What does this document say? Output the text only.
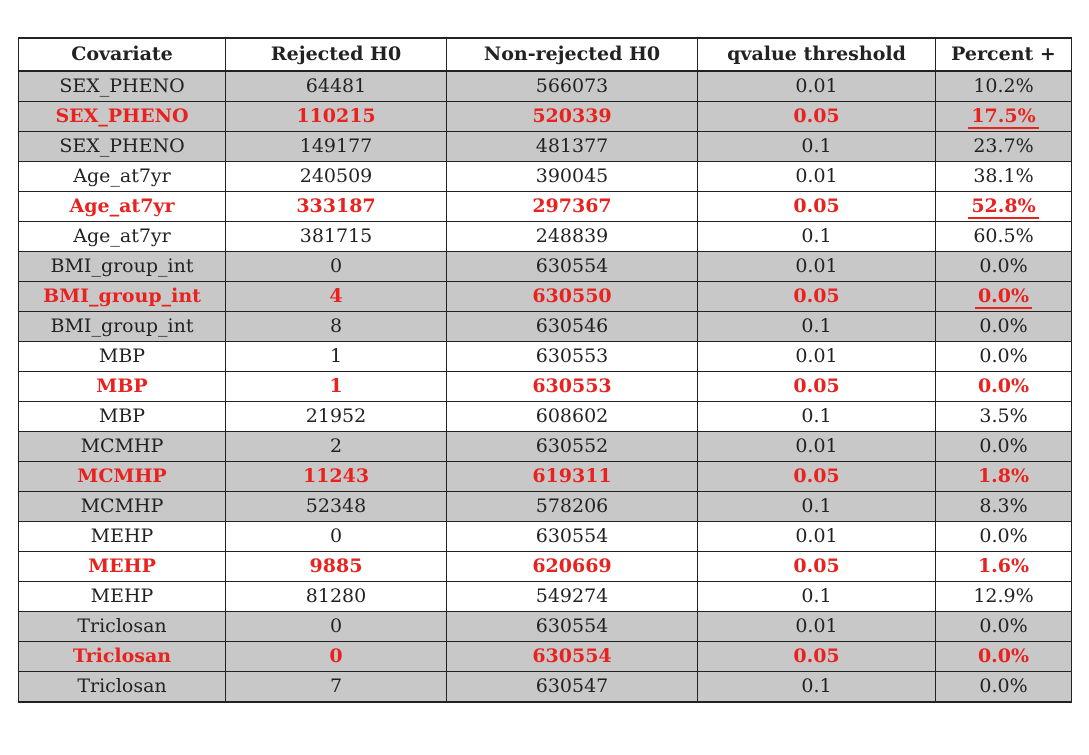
Covariate	Rejected H0	Non-rejected H0	qvalue threshold	Percent +
SEX_PHENO	64481	566073	0.01	10.2%
SEX_PHENO	110215	520339	0.05	17.5%
SEX_PHENO	149177	481377	0.1	23.7%
Age_at7yr	240509	390045	0.01	38.1%
Age_at7yr	333187	297367	0.05	52.8%
Age_at7yr	381715	248839	0.1	60.5%
BMI_group_int	0	630554	0.01	0.0%
BMI_group_int	4	630550	0.05	0.0%
BMI_group_int	8	630546	0.1	0.0%
MBP	1	630553	0.01	0.0%
MBP	1	630553	0.05	0.0%
MBP	21952	608602	0.1	3.5%
MCMHP	2	630552	0.01	0.0%
MCMHP	11243	619311	0.05	1.8%
MCMHP	52348	578206	0.1	8.3%
MEHP	0	630554	0.01	0.0%
MEHP	9885	620669	0.05	1.6%
MEHP	81280	549274	0.1	12.9%
Triclosan	0	630554	0.01	0.0%
Triclosan	0	630554	0.05	0.0%
Triclosan	7	630547	0.1	0.0%
